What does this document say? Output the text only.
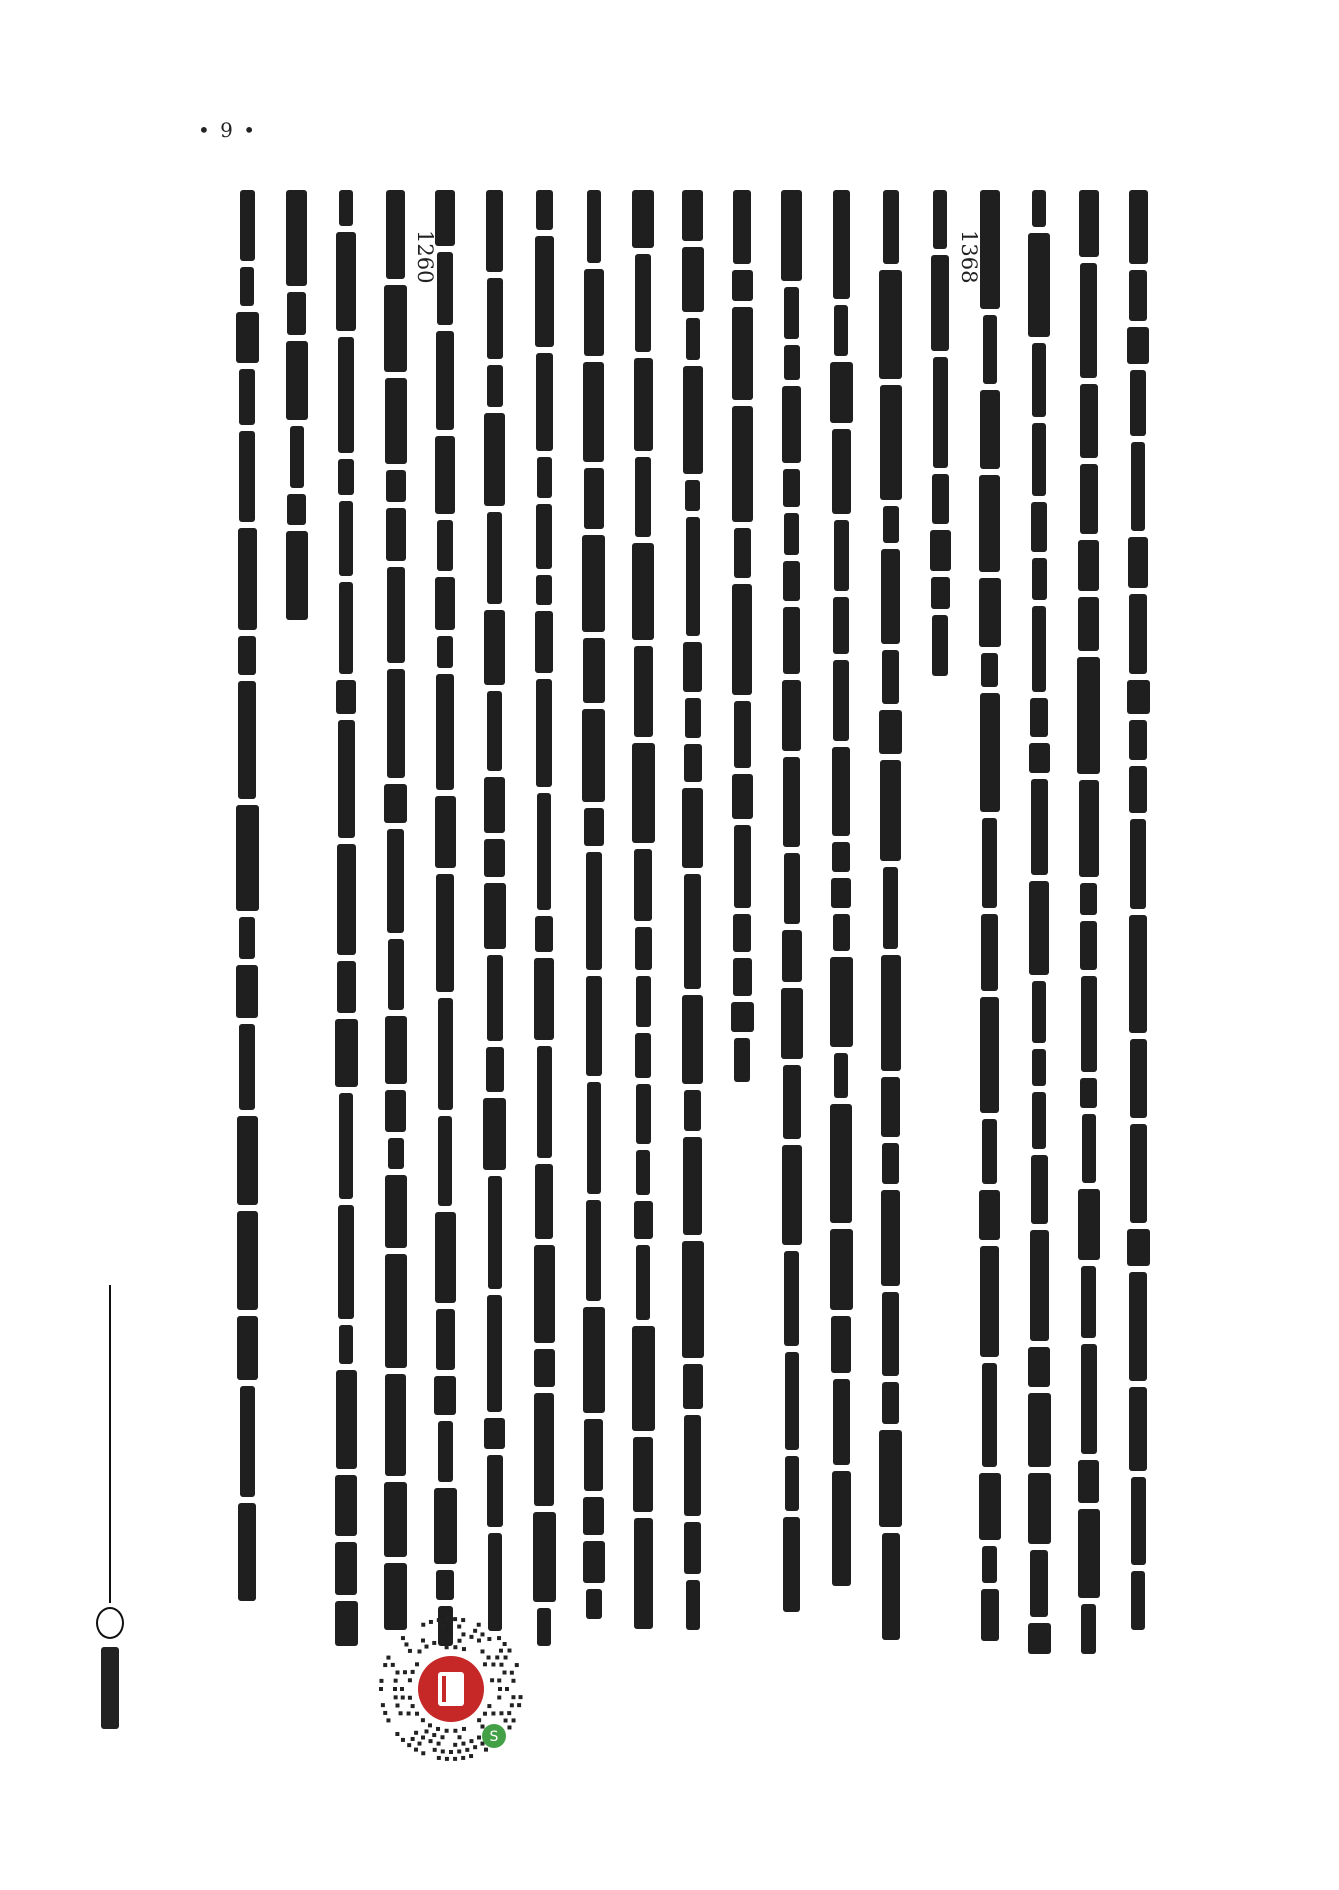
• 9 •
1368
1260
S
